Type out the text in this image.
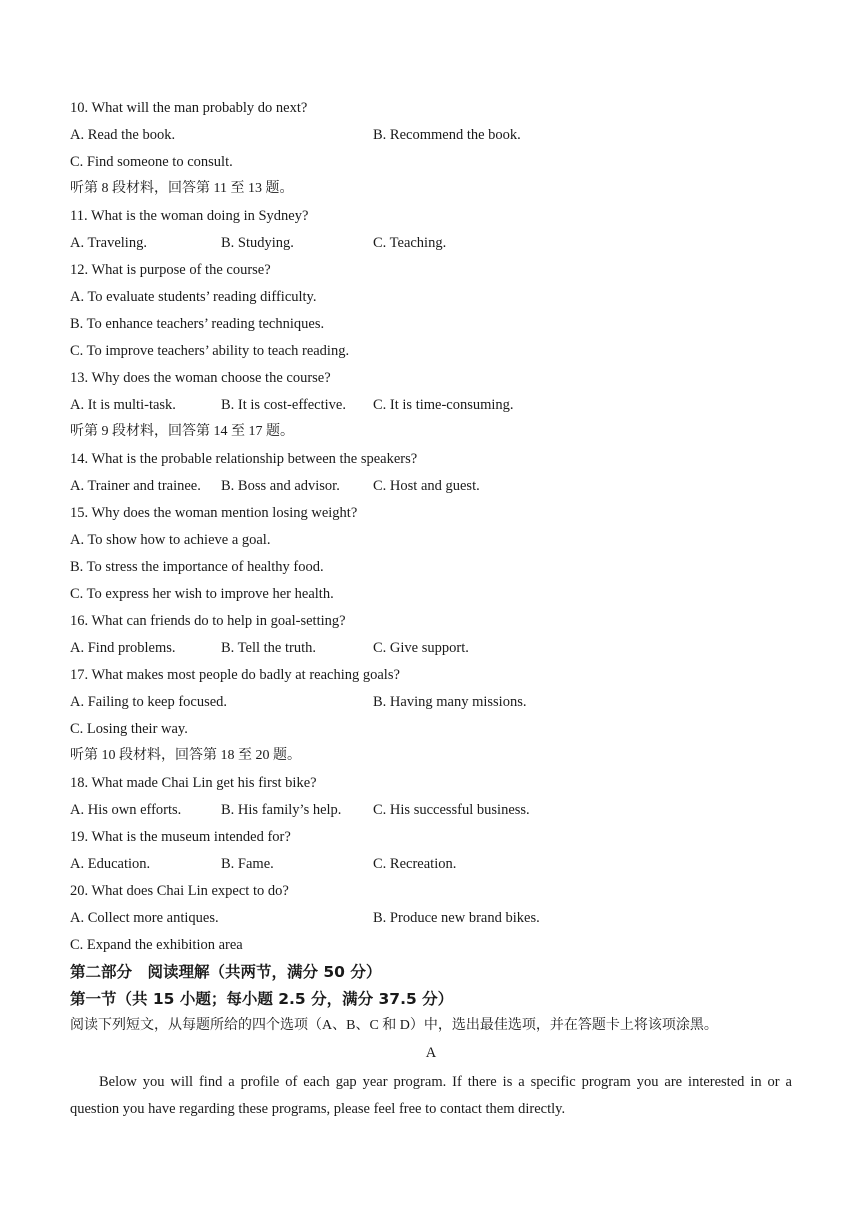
10. What will the man probably do next?
A. Read the book.	B. Recommend the book.
C. Find someone to consult.
听第 8 段材料，回答第 11 至 13 题。
11. What is the woman doing in Sydney?
A. Traveling.	B. Studying.	C. Teaching.
12. What is purpose of the course?
A. To evaluate students’ reading difficulty.
B. To enhance teachers’ reading techniques.
C. To improve teachers’ ability to teach reading.
13. Why does the woman choose the course?
A. It is multi-task.	B. It is cost-effective. C. It is time-consuming.
听第 9 段材料，回答第 14 至 17 题。
14. What is the probable relationship between the speakers?
A. Trainer and trainee. B. Boss and advisor. C. Host and guest.
15. Why does the woman mention losing weight?
A. To show how to achieve a goal.
B. To stress the importance of healthy food.
C. To express her wish to improve her health.
16. What can friends do to help in goal-setting?
A. Find problems.	B. Tell the truth.	C. Give support.
17. What makes most people do badly at reaching goals?
A. Failing to keep focused.	B. Having many missions.
C. Losing their way.
听第 10 段材料，回答第 18 至 20 题。
18. What made Chai Lin get his first bike?
A. His own efforts.	B. His family’s help. C. His successful business.
19. What is the museum intended for?
A. Education.	B. Fame.	C. Recreation.
20. What does Chai Lin expect to do?
A. Collect more antiques.	B. Produce new brand bikes.
C. Expand the exhibition area
第二部分　阅读理解（共两节，满分 50 分）
第一节（共 15 小题；每小题 2.5 分，满分 37.5 分）
阅读下列短文，从每题所给的四个选项（A、B、C 和 D）中，选出最佳选项，并在答题卡上将该项涂黑。
A
Below you will find a profile of each gap year program. If there is a specific program you are interested in or a question you have regarding these programs, please feel free to contact them directly.
